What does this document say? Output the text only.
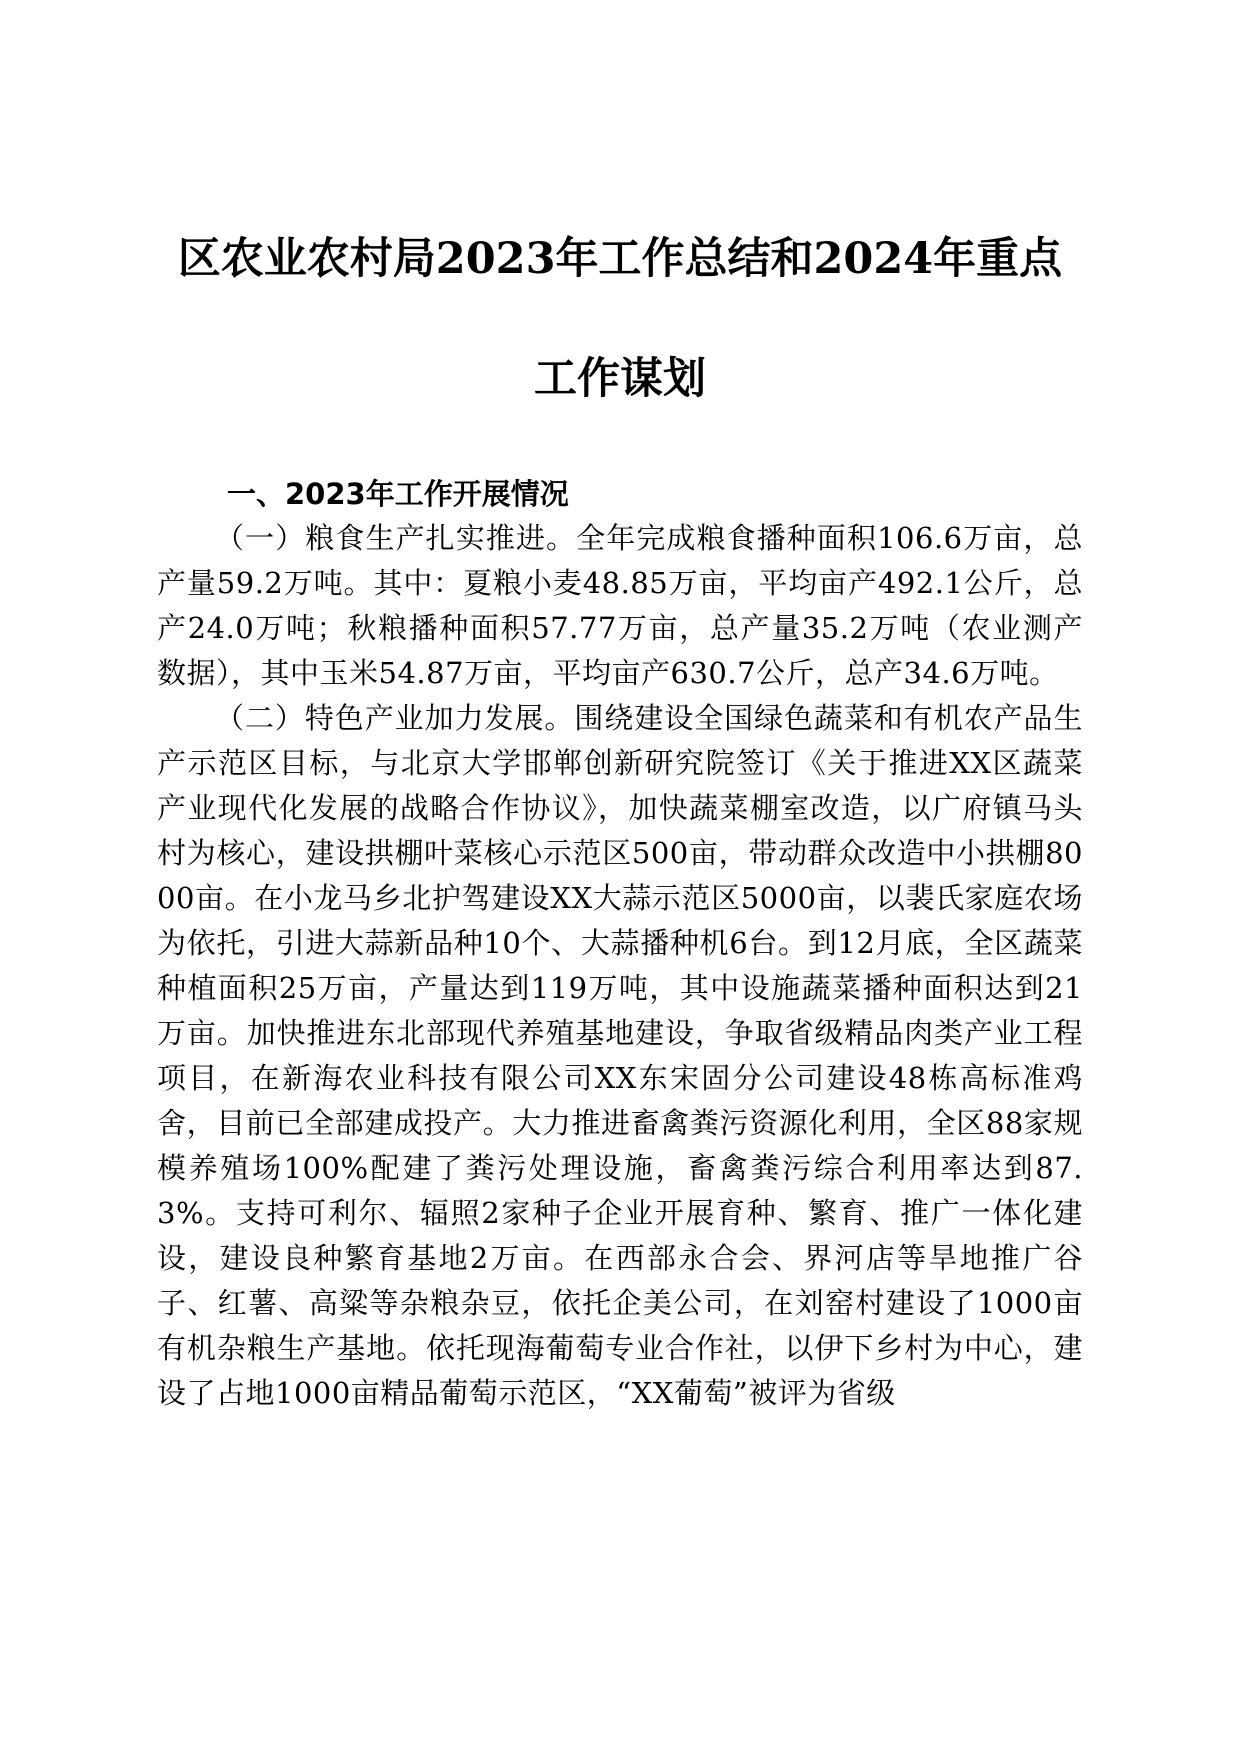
区农业农村局2023年工作总结和2024年重点
工作谋划
一、2023年工作开展情况

（一）粮食生产扎实推进。全年完成粮食播种面积106.6万亩，总产量59.2万吨。其中：夏粮小麦48.85万亩，平均亩产492.1公斤，总产24.0万吨；秋粮播种面积57.77万亩，总产量35.2万吨（农业测产数据），其中玉米54.87万亩，平均亩产630.7公斤，总产34.6万吨。

（二）特色产业加力发展。围绕建设全国绿色蔬菜和有机农产品生产示范区目标，与北京大学邯郸创新研究院签订《关于推进XX区蔬菜产业现代化发展的战略合作协议》，加快蔬菜棚室改造，以广府镇马头村为核心，建设拱棚叶菜核心示范区500亩，带动群众改造中小拱棚8000亩。在小龙马乡北护驾建设XX大蒜示范区5000亩，以裴氏家庭农场为依托，引进大蒜新品种10个、大蒜播种机6台。到12月底，全区蔬菜种植面积25万亩，产量达到119万吨，其中设施蔬菜播种面积达到21万亩。加快推进东北部现代养殖基地建设，争取省级精品肉类产业工程项目，在新海农业科技有限公司XX东宋固分公司建设48栋高标准鸡舍，目前已全部建成投产。大力推进畜禽粪污资源化利用，全区88家规模养殖场100%配建了粪污处理设施，畜禽粪污综合利用率达到87.3%。支持可利尔、辐照2家种子企业开展育种、繁育、推广一体化建设，建设良种繁育基地2万亩。在西部永合会、界河店等旱地推广谷子、红薯、高粱等杂粮杂豆，依托企美公司，在刘窑村建设了1000亩有机杂粮生产基地。依托现海葡萄专业合作社，以伊下乡村为中心，建设了占地1000亩精品葡萄示范区，“XX葡萄”被评为省级
